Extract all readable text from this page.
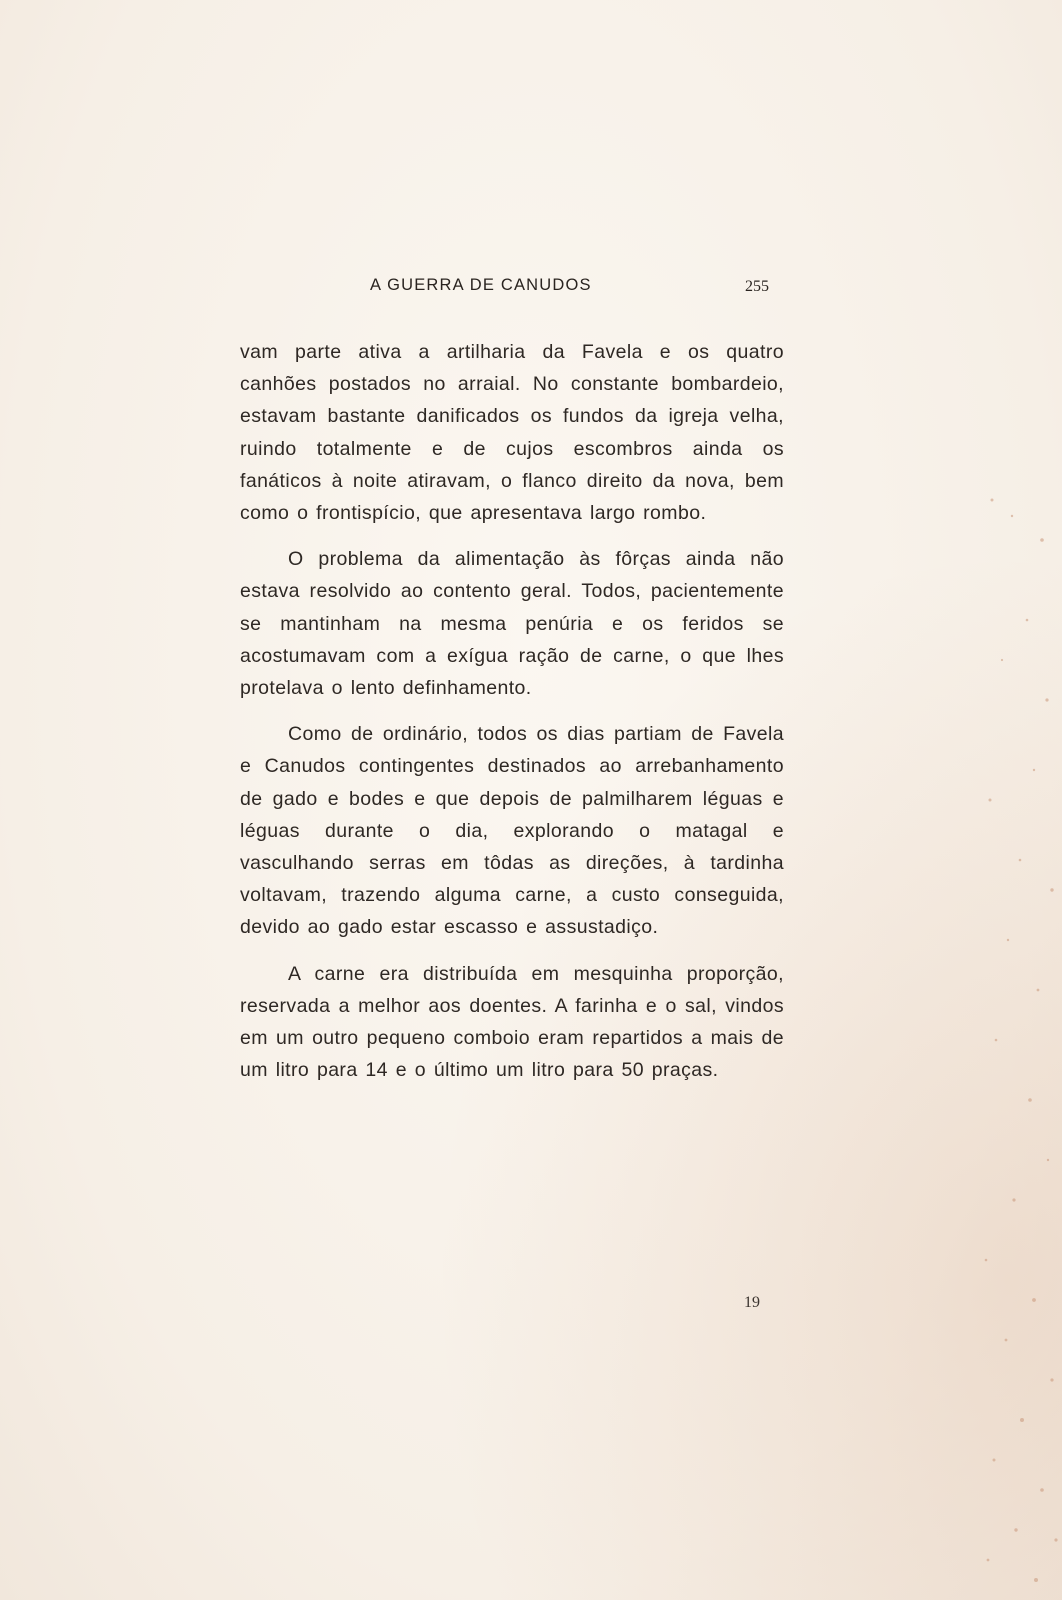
A GUERRA DE CANUDOS	255

vam parte ativa a artilharia da Favela e os quatro canhões postados no arraial. No constante bombardeio, estavam bastante danificados os fundos da igreja velha, ruindo totalmente e de cujos escombros ainda os fanáticos à noite atiravam, o flanco direito da nova, bem como o frontispício, que apresentava largo rombo.

O problema da alimentação às fôrças ainda não estava resolvido ao contento geral. Todos, pacientemente se mantinham na mesma penúria e os feridos se acostumavam com a exígua ração de carne, o que lhes protelava o lento definhamento.

Como de ordinário, todos os dias partiam de Favela e Canudos contingentes destinados ao arrebanhamento de gado e bodes e que depois de palmilharem léguas e léguas durante o dia, explorando o matagal e vasculhando serras em tôdas as direções, à tardinha voltavam, trazendo alguma carne, a custo conseguida, devido ao gado estar escasso e assustadiço.

A carne era distribuída em mesquinha proporção, reservada a melhor aos doentes. A farinha e o sal, vindos em um outro pequeno comboio eram repartidos a mais de um litro para 14 e o último um litro para 50 praças.

19
